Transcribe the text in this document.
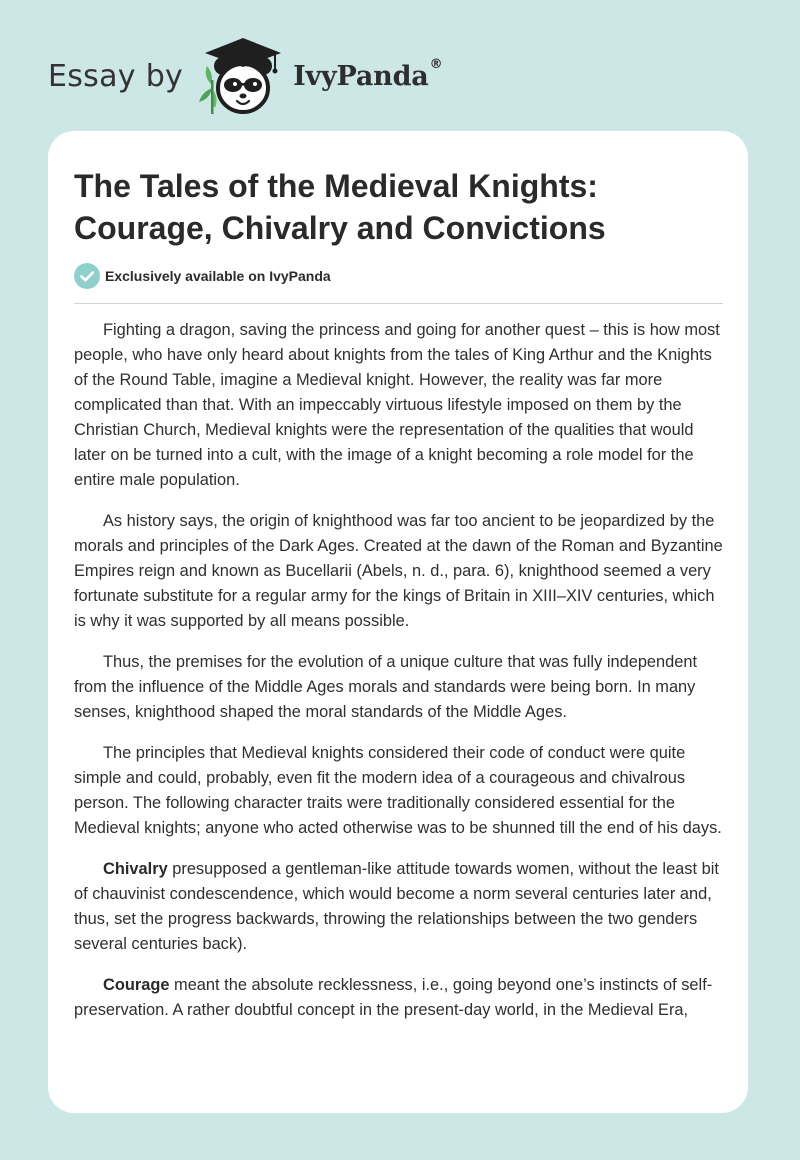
Essay by	IvyPanda®
The Tales of the Medieval Knights: Courage, Chivalry and Convictions
Exclusively available on IvyPanda

Fighting a dragon, saving the princess and going for another quest – this is how most people, who have only heard about knights from the tales of King Arthur and the Knights of the Round Table, imagine a Medieval knight. However, the reality was far more complicated than that. With an impeccably virtuous lifestyle imposed on them by the Christian Church, Medieval knights were the representation of the qualities that would later on be turned into a cult, with the image of a knight becoming a role model for the entire male population.

As history says, the origin of knighthood was far too ancient to be jeopardized by the morals and principles of the Dark Ages. Created at the dawn of the Roman and Byzantine Empires reign and known as Bucellarii (Abels, n. d., para. 6), knighthood seemed a very fortunate substitute for a regular army for the kings of Britain in XIII–XIV centuries, which is why it was supported by all means possible.

Thus, the premises for the evolution of a unique culture that was fully independent from the influence of the Middle Ages morals and standards were being born. In many senses, knighthood shaped the moral standards of the Middle Ages.

The principles that Medieval knights considered their code of conduct were quite simple and could, probably, even fit the modern idea of a courageous and chivalrous person. The following character traits were traditionally considered essential for the Medieval knights; anyone who acted otherwise was to be shunned till the end of his days.

Chivalry presupposed a gentleman-like attitude towards women, without the least bit of chauvinist condescendence, which would become a norm several centuries later and, thus, set the progress backwards, throwing the relationships between the two genders several centuries back).

Courage meant the absolute recklessness, i.e., going beyond one’s instincts of self-preservation. A rather doubtful concept in the present-day world, in the Medieval Era,
